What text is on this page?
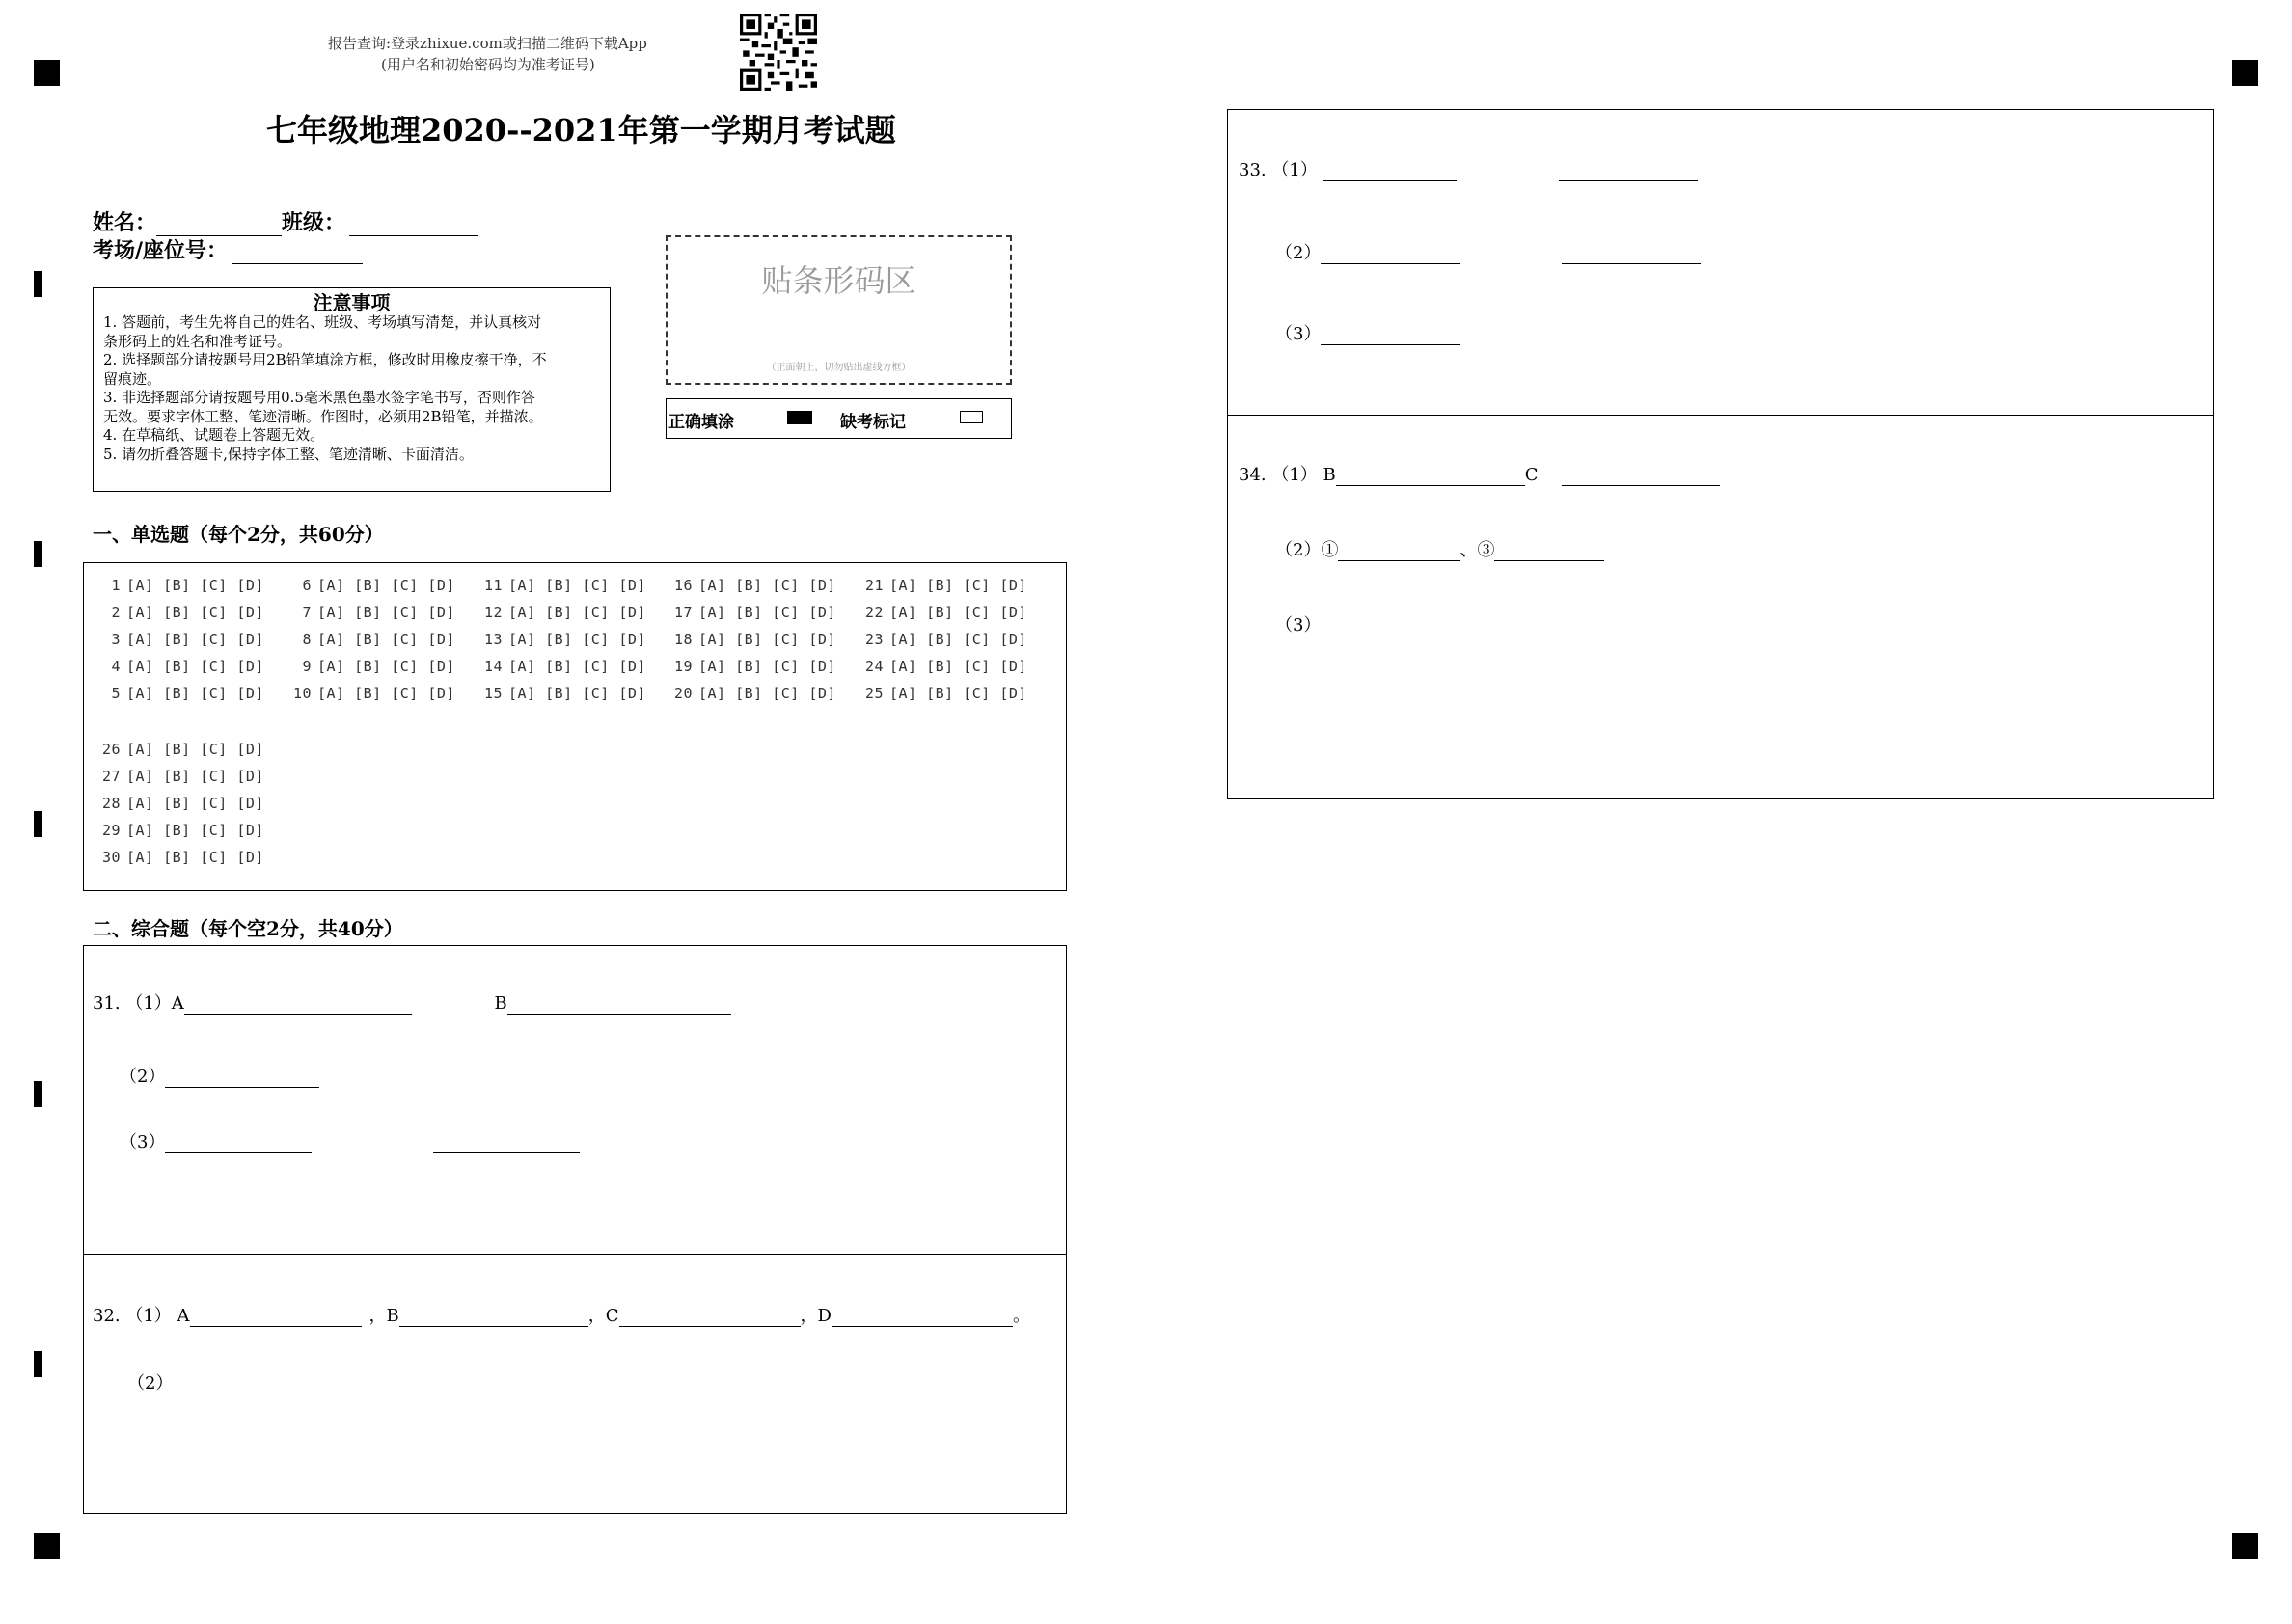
报告查询:登录zhixue.com或扫描二维码下载App
(用户名和初始密码均为准考证号)
七年级地理2020--2021年第一学期月考试题
姓名：	班级：
考场/座位号：
注意事项
1. 答题前，考生先将自己的姓名、班级、考场填写清楚，并认真核对
条形码上的姓名和准考证号。
2. 选择题部分请按题号用2B铅笔填涂方框，修改时用橡皮擦干净，不
留痕迹。
3. 非选择题部分请按题号用0.5毫米黑色墨水签字笔书写，否则作答
无效。要求字体工整、笔迹清晰。作图时，必须用2B铅笔，并描浓。
4. 在草稿纸、试题卷上答题无效。
5. 请勿折叠答题卡,保持字体工整、笔迹清晰、卡面清洁。
贴条形码区
（正面朝上，切勿贴出虚线方框）
正确填涂	缺考标记
一、单选题（每个2分，共60分）
1 [A] [B] [C] [D]
2 [A] [B] [C] [D]
3 [A] [B] [C] [D]
4 [A] [B] [C] [D]
5 [A] [B] [C] [D]
6 [A] [B] [C] [D]
7 [A] [B] [C] [D]
8 [A] [B] [C] [D]
9 [A] [B] [C] [D]
10 [A] [B] [C] [D]
11 [A] [B] [C] [D]
12 [A] [B] [C] [D]
13 [A] [B] [C] [D]
14 [A] [B] [C] [D]
15 [A] [B] [C] [D]
16 [A] [B] [C] [D]
17 [A] [B] [C] [D]
18 [A] [B] [C] [D]
19 [A] [B] [C] [D]
20 [A] [B] [C] [D]
21 [A] [B] [C] [D]
22 [A] [B] [C] [D]
23 [A] [B] [C] [D]
24 [A] [B] [C] [D]
25 [A] [B] [C] [D]
26 [A] [B] [C] [D]
27 [A] [B] [C] [D]
28 [A] [B] [C] [D]
29 [A] [B] [C] [D]
30 [A] [B] [C] [D]
二、综合题（每个空2分，共40分）
31. （1）A	B
（2）
（3）
32. （1） A	，B	，C	，D	。
（2）
33. （1）
（2）
（3）
34. （1） B	C
（2）①	、③
（3）
